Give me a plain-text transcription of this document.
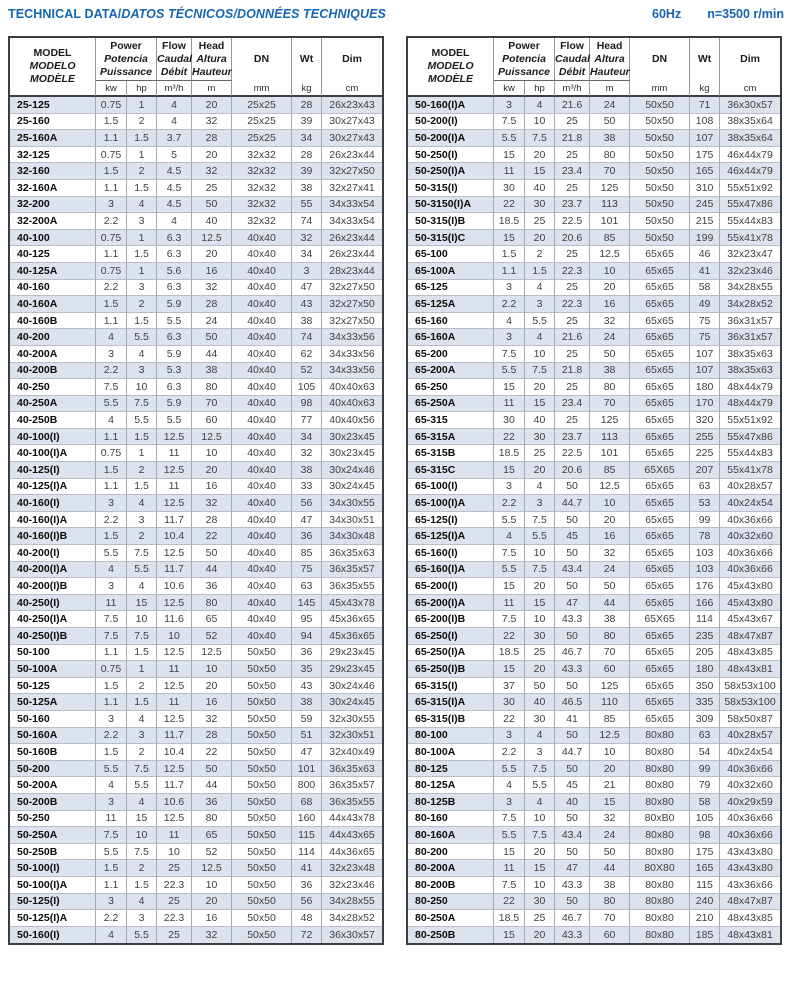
TECHNICAL DATA/DATOS TÉCNICOS/DONNÉES TECHNIQUES	60Hz n=3500 r/min
MODEL
MODELO
MODÈLE

Power
Potencia
Puissance

Flow
Caudal
Débit

Head
Altura
Hauteur
	DN	Wt	Dim
	kw	hp	m³/h	m	mm	kg	cm
25-125	0.75	1	4	20	25x25	28	26x23x43
25-160	1.5	2	4	32	25x25	39	30x27x43
25-160A	1.1	1.5	3.7	28	25x25	34	30x27x43
32-125	0.75	1	5	20	32x32	28	26x23x44
32-160	1.5	2	4.5	32	32x32	39	32x27x50
32-160A	1.1	1.5	4.5	25	32x32	38	32x27x41
32-200	3	4	4.5	50	32x32	55	34x33x54
32-200A	2.2	3	4	40	32x32	74	34x33x54
40-100	0.75	1	6.3	12.5	40x40	32	26x23x44
40-125	1.1	1.5	6.3	20	40x40	34	26x23x44
40-125A	0.75	1	5.6	16	40x40	3	28x23x44
40-160	2.2	3	6.3	32	40x40	47	32x27x50
40-160A	1.5	2	5.9	28	40x40	43	32x27x50
40-160B	1.1	1.5	5.5	24	40x40	38	32x27x50
40-200	4	5.5	6.3	50	40x40	74	34x33x56
40-200A	3	4	5.9	44	40x40	62	34x33x56
40-200B	2.2	3	5.3	38	40x40	52	34x33x56
40-250	7.5	10	6.3	80	40x40	105	40x40x63
40-250A	5.5	7.5	5.9	70	40x40	98	40x40x63
40-250B	4	5.5	5.5	60	40x40	77	40x40x56
40-100(I)	1.1	1.5	12.5	12.5	40x40	34	30x23x45
40-100(I)A	0.75	1	11	10	40x40	32	30x23x45
40-125(I)	1.5	2	12.5	20	40x40	38	30x24x46
40-125(I)A	1.1	1.5	11	16	40x40	33	30x24x45
40-160(I)	3	4	12.5	32	40x40	56	34x30x55
40-160(I)A	2.2	3	11.7	28	40x40	47	34x30x51
40-160(I)B	1.5	2	10.4	22	40x40	36	34x30x48
40-200(I)	5.5	7.5	12.5	50	40x40	85	36x35x63
40-200(I)A	4	5.5	11.7	44	40x40	75	36x35x57
40-200(I)B	3	4	10.6	36	40x40	63	36x35x55
40-250(I)	11	15	12.5	80	40x40	145	45x43x78
40-250(I)A	7.5	10	11.6	65	40x40	95	45x36x65
40-250(I)B	7.5	7.5	10	52	40x40	94	45x36x65
50-100	1.1	1.5	12.5	12.5	50x50	36	29x23x45
50-100A	0.75	1	11	10	50x50	35	29x23x45
50-125	1.5	2	12.5	20	50x50	43	30x24x46
50-125A	1.1	1.5	11	16	50x50	38	30x24x45
50-160	3	4	12.5	32	50x50	59	32x30x55
50-160A	2.2	3	11.7	28	50x50	51	32x30x51
50-160B	1.5	2	10.4	22	50x50	47	32x40x49
50-200	5.5	7.5	12.5	50	50x50	101	36x35x63
50-200A	4	5.5	11.7	44	50x50	800	36x35x57
50-200B	3	4	10.6	36	50x50	68	36x35x55
50-250	11	15	12.5	80	50x50	160	44x43x78
50-250A	7.5	10	11	65	50x50	115	44x43x65
50-250B	5.5	7.5	10	52	50x50	114	44x36x65
50-100(I)	1.5	2	25	12.5	50x50	41	32x23x48
50-100(I)A	1.1	1.5	22.3	10	50x50	36	32x23x46
50-125(I)	3	4	25	20	50x50	56	34x28x55
50-125(I)A	2.2	3	22.3	16	50x50	48	34x28x52
50-160(I)	4	5.5	25	32	50x50	72	36x30x57
MODEL
MODELO
MODÈLE

Power
Potencia
Puissance

Flow
Caudal
Débit

Head
Altura
Hauteur
	DN	Wt	Dim
	kw	hp	m³/h	m	mm	kg	cm
50-160(I)A	3	4	21.6	24	50x50	71	36x30x57
50-200(I)	7.5	10	25	50	50x50	108	38x35x64
50-200(I)A	5.5	7.5	21.8	38	50x50	107	38x35x64
50-250(I)	15	20	25	80	50x50	175	46x44x79
50-250(I)A	11	15	23.4	70	50x50	165	46x44x79
50-315(I)	30	40	25	125	50x50	310	55x51x92
50-3150(I)A	22	30	23.7	113	50x50	245	55x47x86
50-315(I)B	18.5	25	22.5	101	50x50	215	55x44x83
50-315(I)C	15	20	20.6	85	50x50	199	55x41x78
65-100	1.5	2	25	12.5	65x65	46	32x23x47
65-100A	1.1	1.5	22.3	10	65x65	41	32x23x46
65-125	3	4	25	20	65x65	58	34x28x55
65-125A	2.2	3	22.3	16	65x65	49	34x28x52
65-160	4	5.5	25	32	65x65	75	36x31x57
65-160A	3	4	21.6	24	65x65	75	36x31x57
65-200	7.5	10	25	50	65x65	107	38x35x63
65-200A	5.5	7.5	21.8	38	65x65	107	38x35x63
65-250	15	20	25	80	65x65	180	48x44x79
65-250A	11	15	23.4	70	65x65	170	48x44x79
65-315	30	40	25	125	65x65	320	55x51x92
65-315A	22	30	23.7	113	65x65	255	55x47x86
65-315B	18.5	25	22.5	101	65x65	225	55x44x83
65-315C	15	20	20.6	85	65X65	207	55x41x78
65-100(I)	3	4	50	12.5	65x65	63	40x28x57
65-100(I)A	2.2	3	44.7	10	65x65	53	40x24x54
65-125(I)	5.5	7.5	50	20	65x65	99	40x36x66
65-125(I)A	4	5.5	45	16	65x65	78	40x32x60
65-160(I)	7.5	10	50	32	65x65	103	40x36x66
65-160(I)A	5.5	7.5	43.4	24	65x65	103	40x36x66
65-200(I)	15	20	50	50	65x65	176	45x43x80
65-200(I)A	11	15	47	44	65x65	166	45x43x80
65-200(I)B	7.5	10	43.3	38	65X65	114	45x43x67
65-250(I)	22	30	50	80	65x65	235	48x47x87
65-250(I)A	18.5	25	46.7	70	65x65	205	48x43x85
65-250(I)B	15	20	43.3	60	65x65	180	48x43x81
65-315(I)	37	50	50	125	65x65	350	58x53x100
65-315(I)A	30	40	46.5	110	65x65	335	58x53x100
65-315(I)B	22	30	41	85	65x65	309	58x50x87
80-100	3	4	50	12.5	80x80	63	40x28x57
80-100A	2.2	3	44.7	10	80x80	54	40x24x54
80-125	5.5	7.5	50	20	80x80	99	40x36x66
80-125A	4	5.5	45	21	80x80	79	40x32x60
80-125B	3	4	40	15	80x80	58	40x29x59
80-160	7.5	10	50	32	80xB0	105	40x36x66
80-160A	5.5	7.5	43.4	24	80x80	98	40x36x66
80-200	15	20	50	50	80x80	175	43x43x80
80-200A	11	15	47	44	80X80	165	43x43x80
80-200B	7.5	10	43.3	38	80x80	115	43x36x66
80-250	22	30	50	80	80x80	240	48x47x87
80-250A	18.5	25	46.7	70	80x80	210	48x43x85
80-250B	15	20	43.3	60	80x80	185	48x43x81
